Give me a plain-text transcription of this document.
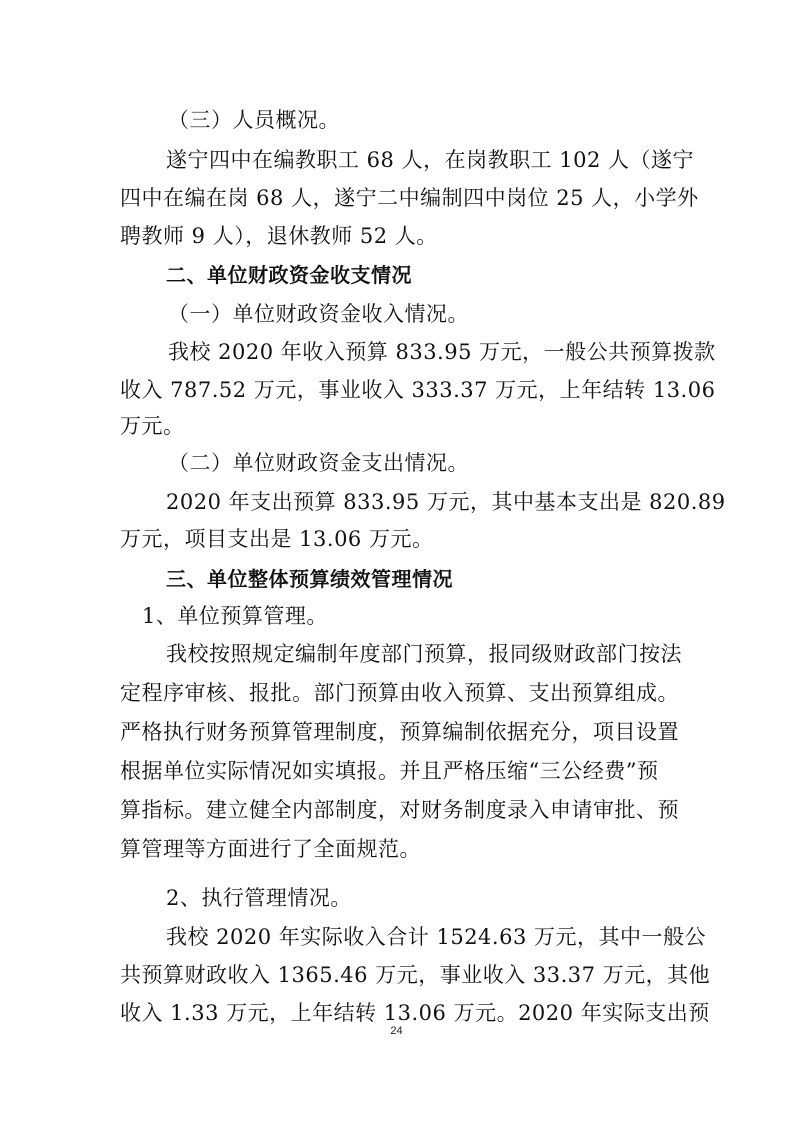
（三）人员概况。
遂宁四中在编教职工 68 人，在岗教职工 102 人（遂宁
四中在编在岗 68 人，遂宁二中编制四中岗位 25 人，小学外
聘教师 9 人），退休教师 52 人。
二、单位财政资金收支情况
（一）单位财政资金收入情况。
我校 2020 年收入预算 833.95 万元，一般公共预算拨款
收入 787.52 万元，事业收入 333.37 万元，上年结转 13.06
万元。
（二）单位财政资金支出情况。
2020 年支出预算 833.95 万元，其中基本支出是 820.89
万元，项目支出是 13.06 万元。
三、单位整体预算绩效管理情况
1、单位预算管理。
我校按照规定编制年度部门预算，报同级财政部门按法
定程序审核、报批。部门预算由收入预算、支出预算组成。
严格执行财务预算管理制度，预算编制依据充分，项目设置
根据单位实际情况如实填报。并且严格压缩“三公经费”预
算指标。建立健全内部制度，对财务制度录入申请审批、预
算管理等方面进行了全面规范。
2、执行管理情况。
我校 2020 年实际收入合计 1524.63 万元，其中一般公
共预算财政收入 1365.46 万元，事业收入 33.37 万元，其他
收入 1.33 万元，上年结转 13.06 万元。2020 年实际支出预
24
